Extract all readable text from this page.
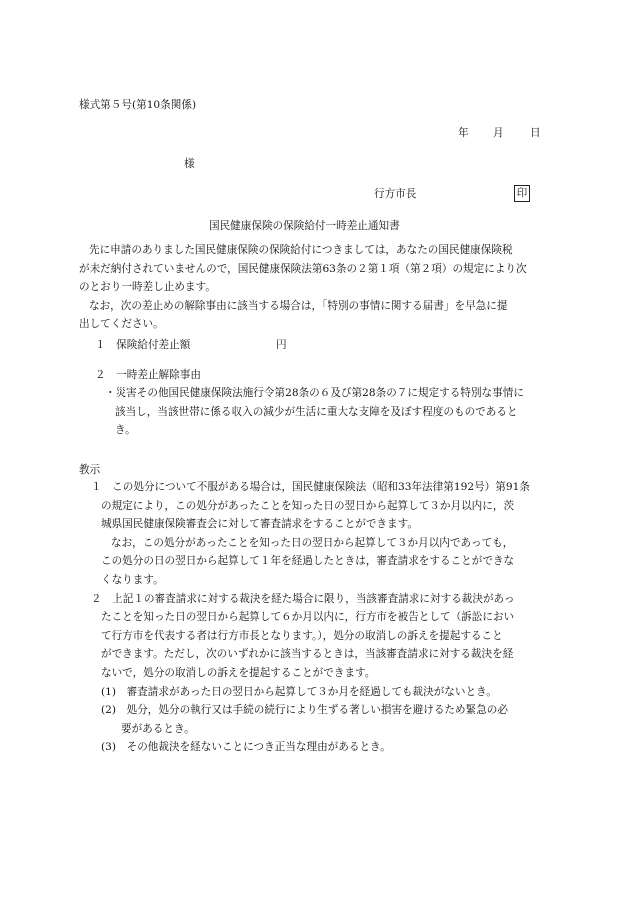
様式第５号(第10条関係)
年 月 日
様
行方市長	印
国民健康保険の保険給付一時差止通知書
先に申請のありました国民健康保険の保険給付につきましては，あなたの国民健康保険税
が未だ納付されていませんので，国民健康保険法第63条の２第１項（第２項）の規定により次
のとおり一時差し止めます。
なお，次の差止めの解除事由に該当する場合は，「特別の事情に関する届書」を早急に提
出してください。
１　保険給付差止額	円
２　一時差止解除事由
・災害その他国民健康保険法施行令第28条の６及び第28条の７に規定する特別な事情に
該当し，当該世帯に係る収入の減少が生活に重大な支障を及ぼす程度のものであると
き。
教示
１　この処分について不服がある場合は，国民健康保険法（昭和33年法律第192号）第91条
の規定により，この処分があったことを知った日の翌日から起算して３か月以内に，茨
城県国民健康保険審査会に対して審査請求をすることができます。
なお，この処分があったことを知った日の翌日から起算して３か月以内であっても，
この処分の日の翌日から起算して１年を経過したときは，審査請求をすることができな
くなります。
２　上記１の審査請求に対する裁決を経た場合に限り，当該審査請求に対する裁決があっ
たことを知った日の翌日から起算して６か月以内に，行方市を被告として（訴訟におい
て行方市を代表する者は行方市長となります。），処分の取消しの訴えを提起すること
ができます。ただし，次のいずれかに該当するときは，当該審査請求に対する裁決を経
ないで，処分の取消しの訴えを提起することができます。
(1)　審査請求があった日の翌日から起算して３か月を経過しても裁決がないとき。
(2)　処分，処分の執行又は手続の続行により生ずる著しい損害を避けるため緊急の必
要があるとき。
(3)　その他裁決を経ないことにつき正当な理由があるとき。
